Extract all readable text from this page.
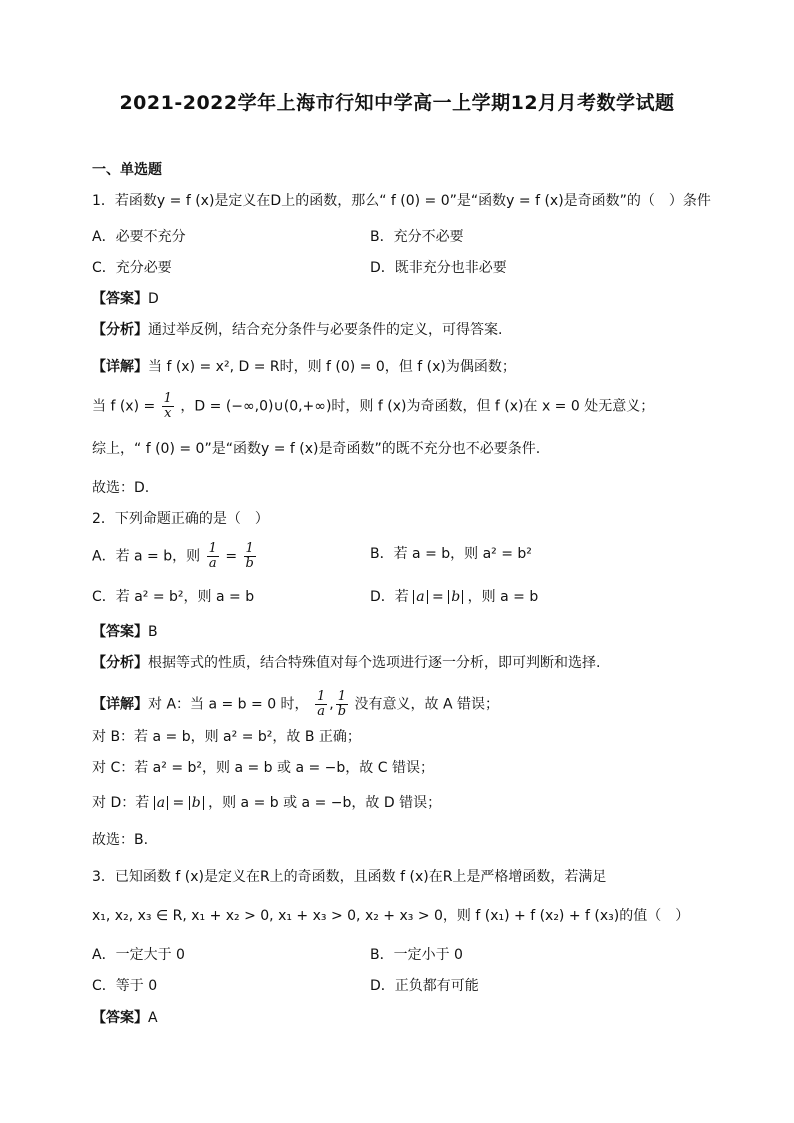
2021-2022学年上海市行知中学高一上学期12月月考数学试题
一、单选题
1．若函数y = f (x)是定义在D上的函数，那么“ f (0) = 0”是“函数y = f (x)是奇函数”的（　）条件
A．必要不充分	B．充分不必要
C．充分必要	D．既非充分也非必要
【答案】D
【分析】通过举反例，结合充分条件与必要条件的定义，可得答案.
【详解】当 f (x) = x², D = R时，则 f (0) = 0，但 f (x)为偶函数；
当 f $(x) = \frac{1}{x}$ ，D = (−∞,0)∪(0,+∞)时，则 f (x)为奇函数，但 f (x)在 x = 0 处无意义；
综上，“ f (0) = 0”是“函数y = f (x)是奇函数”的既不充分也不必要条件.
故选：D.
2．下列命题正确的是（　）
A．若 a = b，则 $\frac{1}{a} = \frac{1}{b}$	B．若 a = b，则 a² = b²
C．若 a² = b²，则 a = b	D．若 a = b ，则 a = b
【答案】B
【分析】根据等式的性质，结合特殊值对每个选项进行逐一分析，即可判断和选择.
【详解】对 A：当 a = b = 0 时， $\frac{1}{a}$ , $\frac{1}{b}$ 没有意义，故 A 错误；
对 B：若 a = b，则 a² = b²，故 B 正确；
对 C：若 a² = b²，则 a = b 或 a = −b，故 C 错误；
对 D：若 a = b ，则 a = b 或 a = −b，故 D 错误；
故选：B.
3．已知函数 f (x)是定义在R上的奇函数，且函数 f (x)在R上是严格增函数，若满足
x₁, x₂, x₃ ∈ R, x₁ + x₂ > 0, x₁ + x₃ > 0, x₂ + x₃ > 0，则 f (x₁) + f (x₂) + f (x₃)的值（　）
A．一定大于 0	B．一定小于 0
C．等于 0	D．正负都有可能
【答案】A
